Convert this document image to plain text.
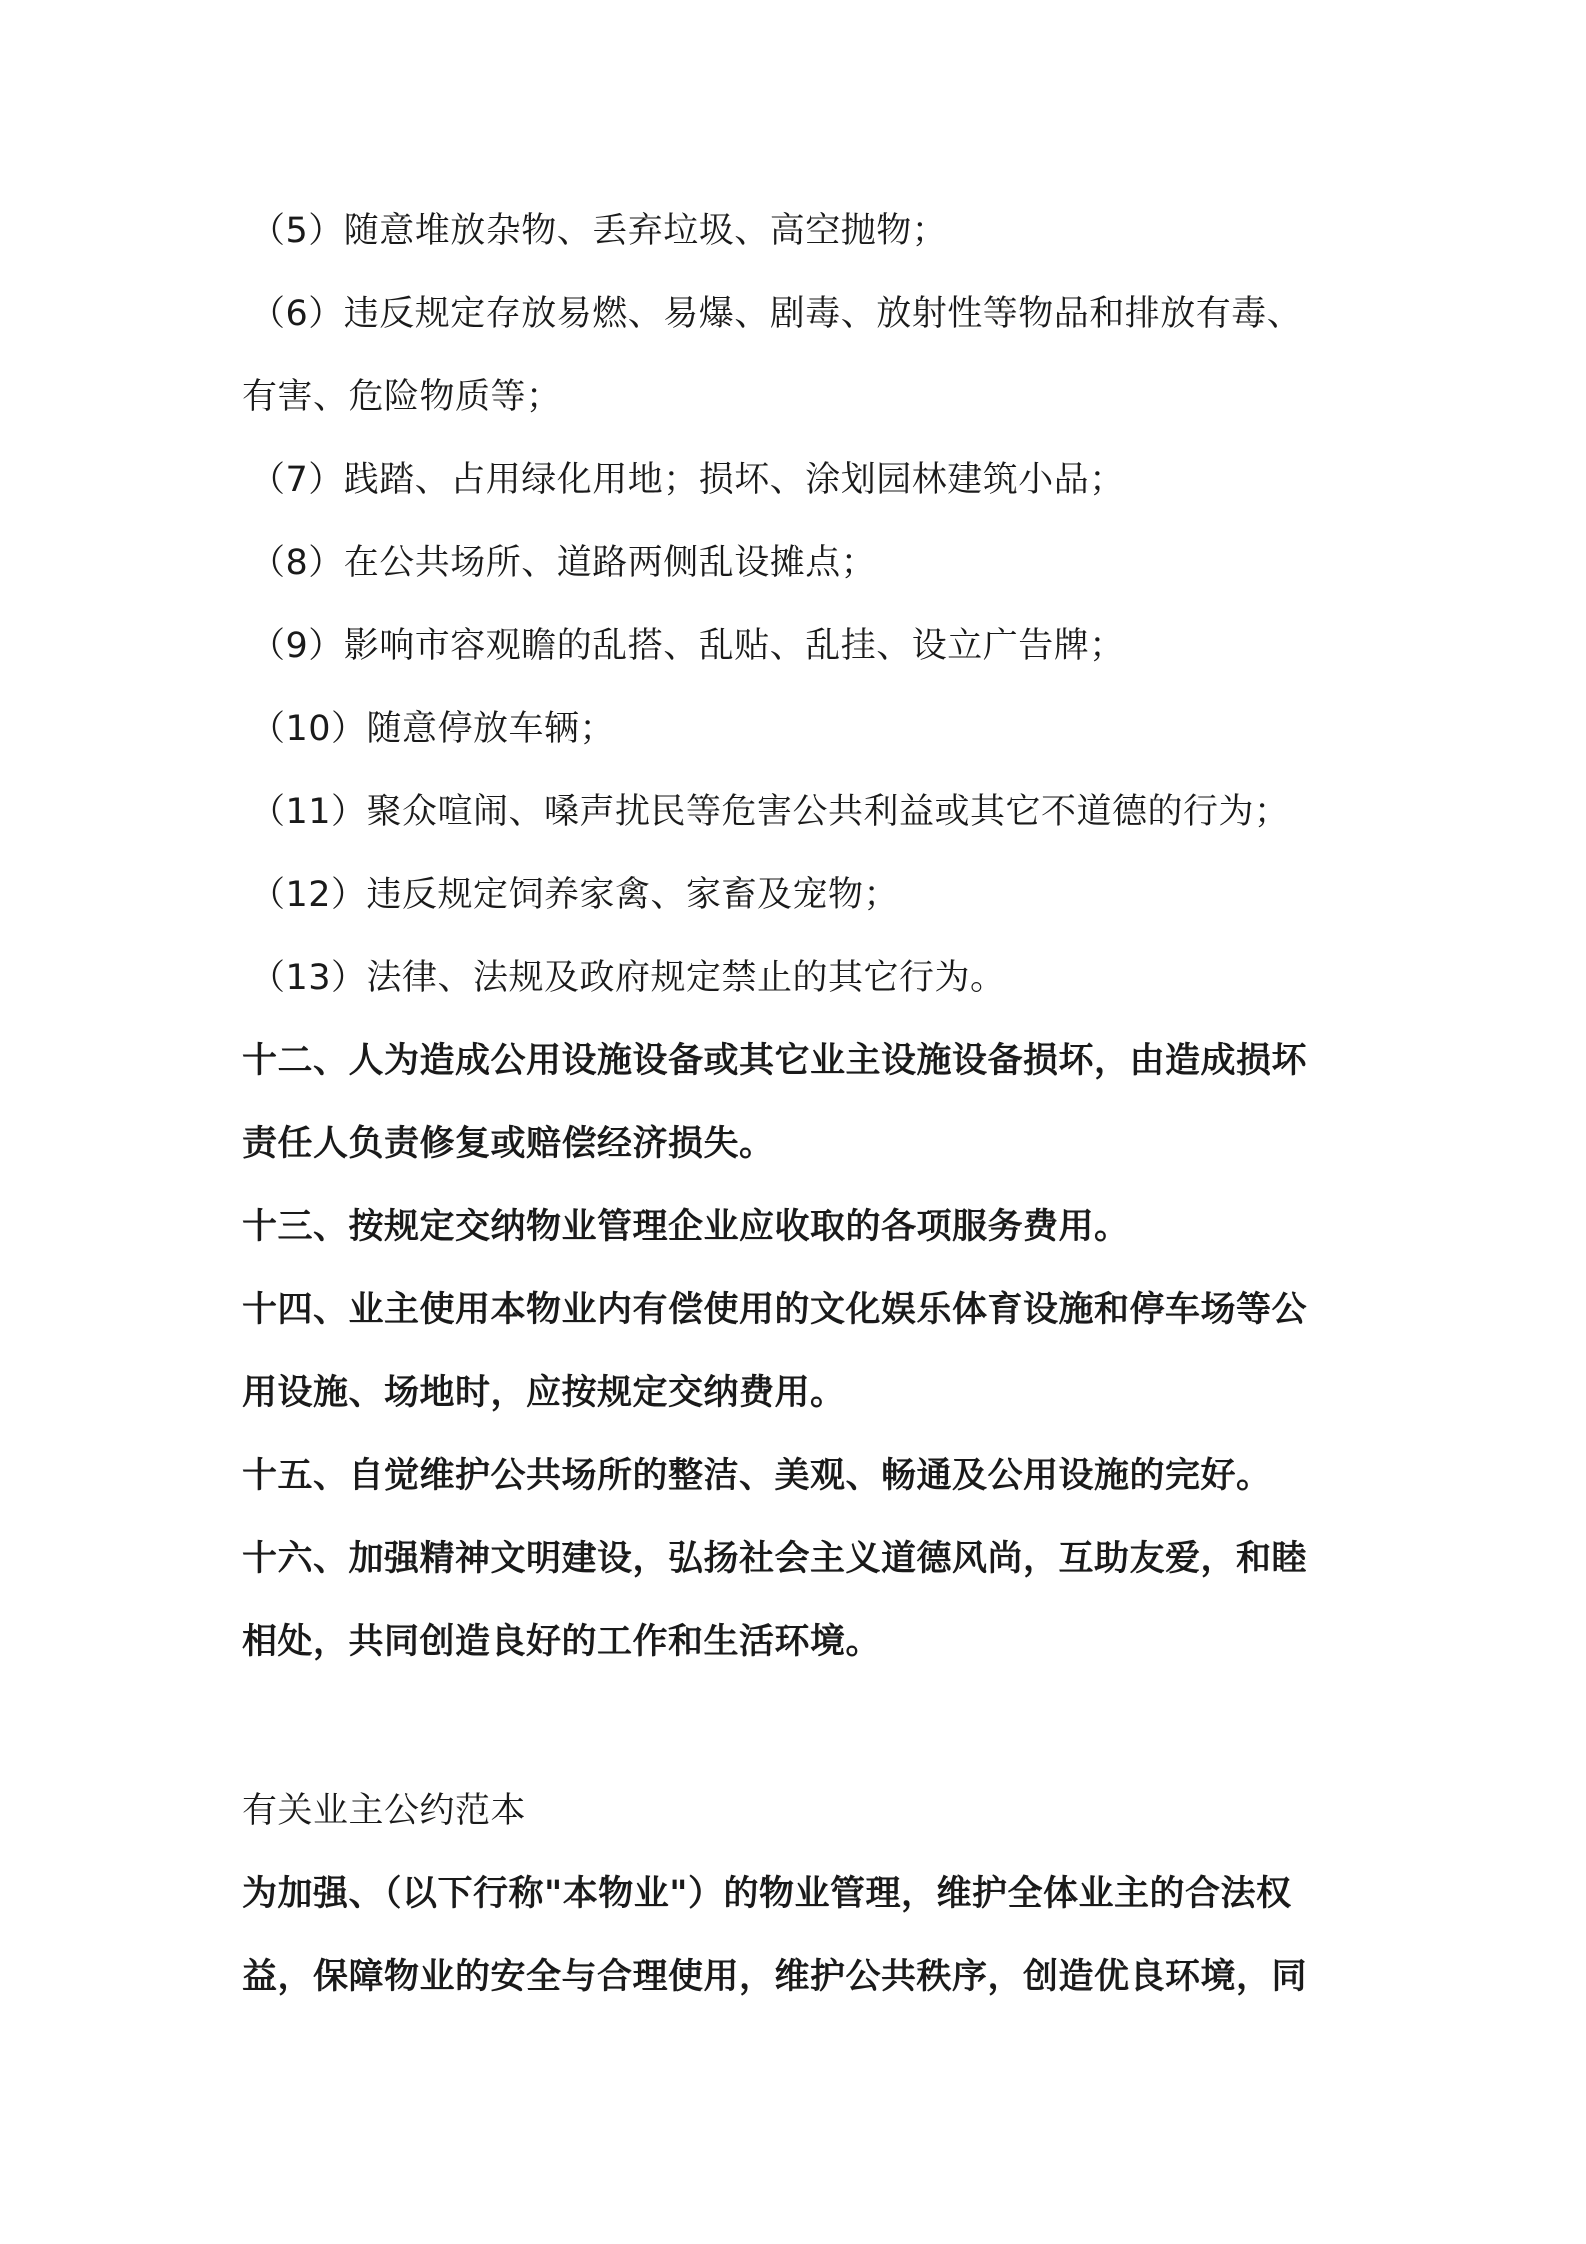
（5）随意堆放杂物、丢弃垃圾、高空抛物；
（6）违反规定存放易燃、易爆、剧毒、放射性等物品和排放有毒、
有害、危险物质等；
（7）践踏、占用绿化用地；损坏、涂划园林建筑小品；
（8）在公共场所、道路两侧乱设摊点；
（9）影响市容观瞻的乱搭、乱贴、乱挂、设立广告牌；
（10）随意停放车辆；
（11）聚众喧闹、嗓声扰民等危害公共利益或其它不道德的行为；
（12）违反规定饲养家禽、家畜及宠物；
（13）法律、法规及政府规定禁止的其它行为。
十二、人为造成公用设施设备或其它业主设施设备损坏，由造成损坏
责任人负责修复或赔偿经济损失。
十三、按规定交纳物业管理企业应收取的各项服务费用。
十四、业主使用本物业内有偿使用的文化娱乐体育设施和停车场等公
用设施、场地时，应按规定交纳费用。
十五、自觉维护公共场所的整洁、美观、畅通及公用设施的完好。
十六、加强精神文明建设，弘扬社会主义道德风尚，互助友爱，和睦
相处，共同创造良好的工作和生活环境。
有关业主公约范本
为加强、（以下行称"本物业"）的物业管理，维护全体业主的合法权
益，保障物业的安全与合理使用，维护公共秩序，创造优良环境，同
